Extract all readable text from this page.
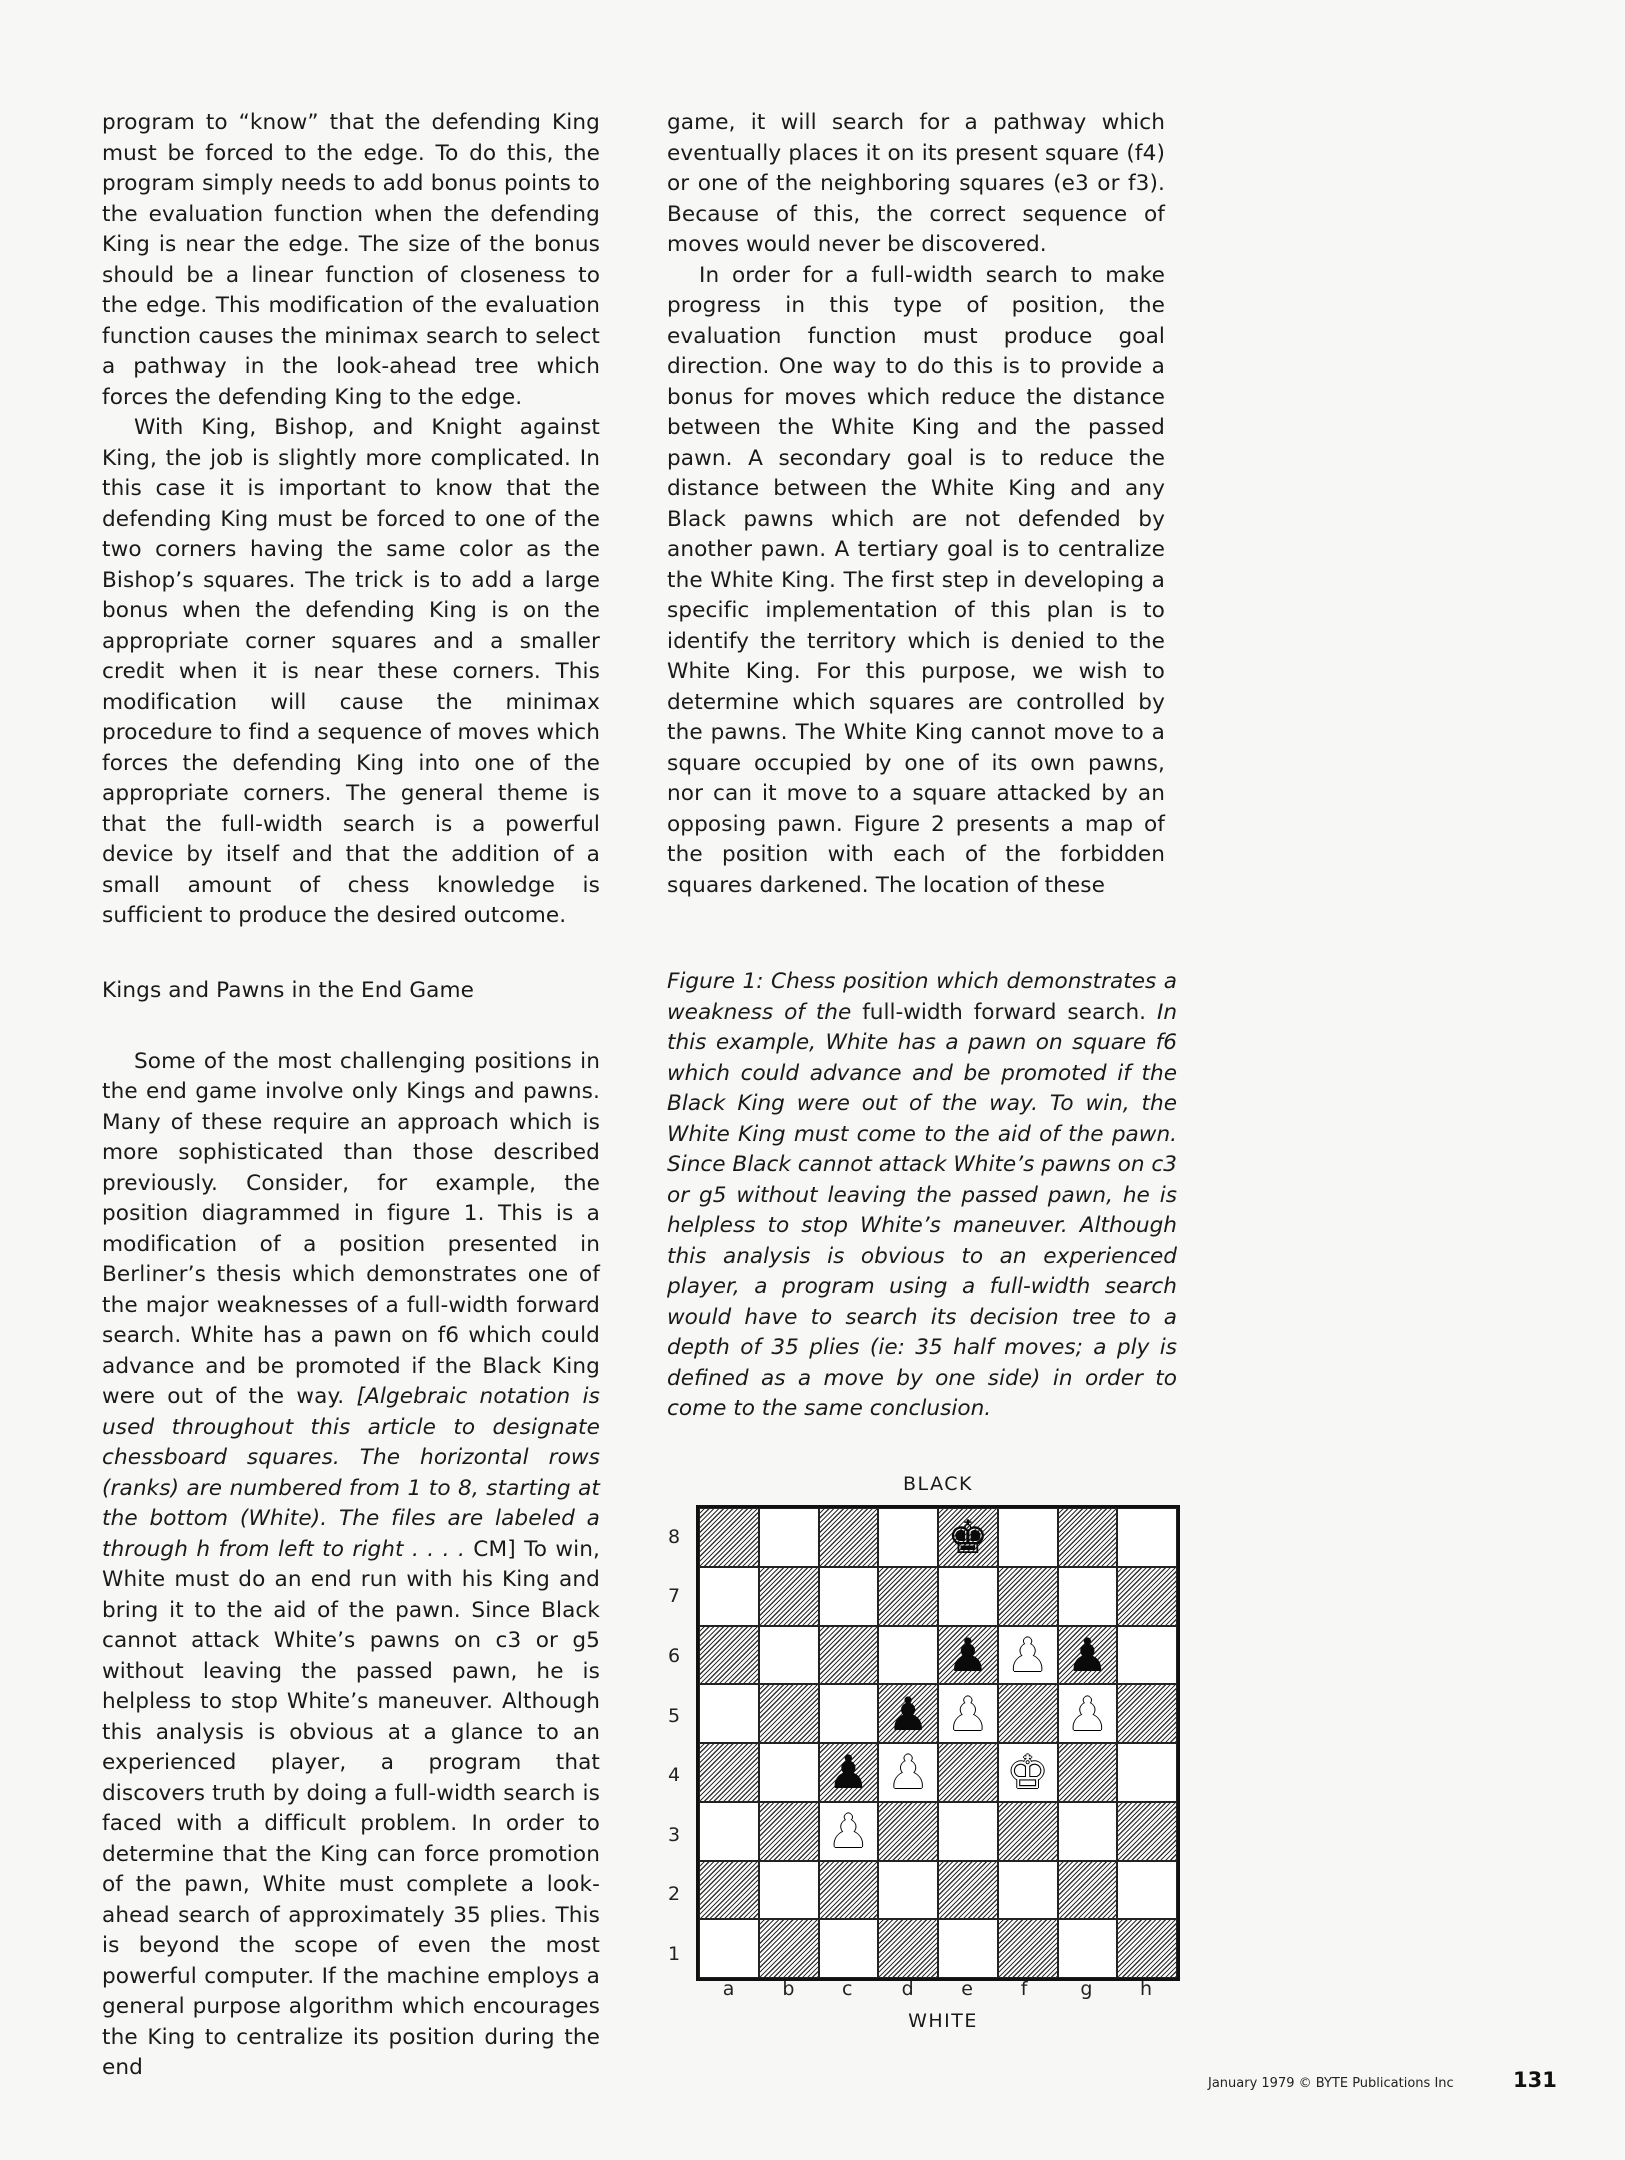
program to “know” that the defending King must be forced to the edge. To do this, the program simply needs to add bonus points to the evaluation function when the defending King is near the edge. The size of the bonus should be a linear function of closeness to the edge. This modification of the evaluation function causes the minimax search to select a pathway in the look-ahead tree which forces the defending King to the edge.

With King, Bishop, and Knight against King, the job is slightly more complicated. In this case it is important to know that the defending King must be forced to one of the two corners having the same color as the Bishop’s squares. The trick is to add a large bonus when the defending King is on the appropriate corner squares and a smaller credit when it is near these corners. This modification will cause the minimax procedure to find a sequence of moves which forces the defending King into one of the appropriate corners. The general theme is that the full-width search is a powerful device by itself and that the addition of a small amount of chess knowledge is sufficient to produce the desired outcome.

Kings and Pawns in the End Game

Some of the most challenging positions in the end game involve only Kings and pawns. Many of these require an approach which is more sophisticated than those described previously. Consider, for example, the position diagrammed in figure 1. This is a modification of a position presented in Berliner’s thesis which demonstrates one of the major weaknesses of a full-width forward search. White has a pawn on f6 which could advance and be promoted if the Black King were out of the way. [Algebraic notation is used throughout this article to designate chessboard squares. The horizontal rows (ranks) are numbered from 1 to 8, starting at the bottom (White). The files are labeled a through h from left to right . . . . CM] To win, White must do an end run with his King and bring it to the aid of the pawn. Since Black cannot attack White’s pawns on c3 or g5 without leaving the passed pawn, he is helpless to stop White’s maneuver. Although this analysis is obvious at a glance to an experienced player, a program that discovers truth by doing a full-width search is faced with a difficult problem. In order to determine that the King can force promotion of the pawn, White must complete a look-ahead search of approximately 35 plies. This is beyond the scope of even the most powerful computer. If the machine employs a general purpose algorithm which encourages the King to centralize its position during the end

game, it will search for a pathway which eventually places it on its present square (f4) or one of the neighboring squares (e3 or f3). Because of this, the correct sequence of moves would never be discovered.

In order for a full-width search to make progress in this type of position, the evaluation function must produce goal direction. One way to do this is to provide a bonus for moves which reduce the distance between the White King and the passed pawn. A secondary goal is to reduce the distance between the White King and any Black pawns which are not defended by another pawn. A tertiary goal is to centralize the White King. The first step in developing a specific implementation of this plan is to identify the territory which is denied to the White King. For this purpose, we wish to determine which squares are controlled by the pawns. The White King cannot move to a square occupied by one of its own pawns, nor can it move to a square attacked by an opposing pawn. Figure 2 presents a map of the position with each of the forbidden squares darkened. The location of these

Figure 1: Chess position which demonstrates a weakness of the full-width forward search. In this example, White has a pawn on square f6 which could advance and be promoted if the Black King were out of the way. To win, the White King must come to the aid of the pawn. Since Black cannot attack White’s pawns on c3 or g5 without leaving the passed pawn, he is helpless to stop White’s maneuver. Although this analysis is obvious to an experienced player, a program using a full-width search would have to search its decision tree to a depth of 35 plies (ie: 35 half moves; a ply is defined as a move by one side) in order to come to the same conclusion.
BLACK
♚
♟ ♟ ♟
♟ ♟ ♟
♟ ♟ ♚
♟
8
7
6
5
4
3
2
1
a	b	c	d	e	f	g	h
WHITE
January 1979 © BYTE Publications Inc	131
